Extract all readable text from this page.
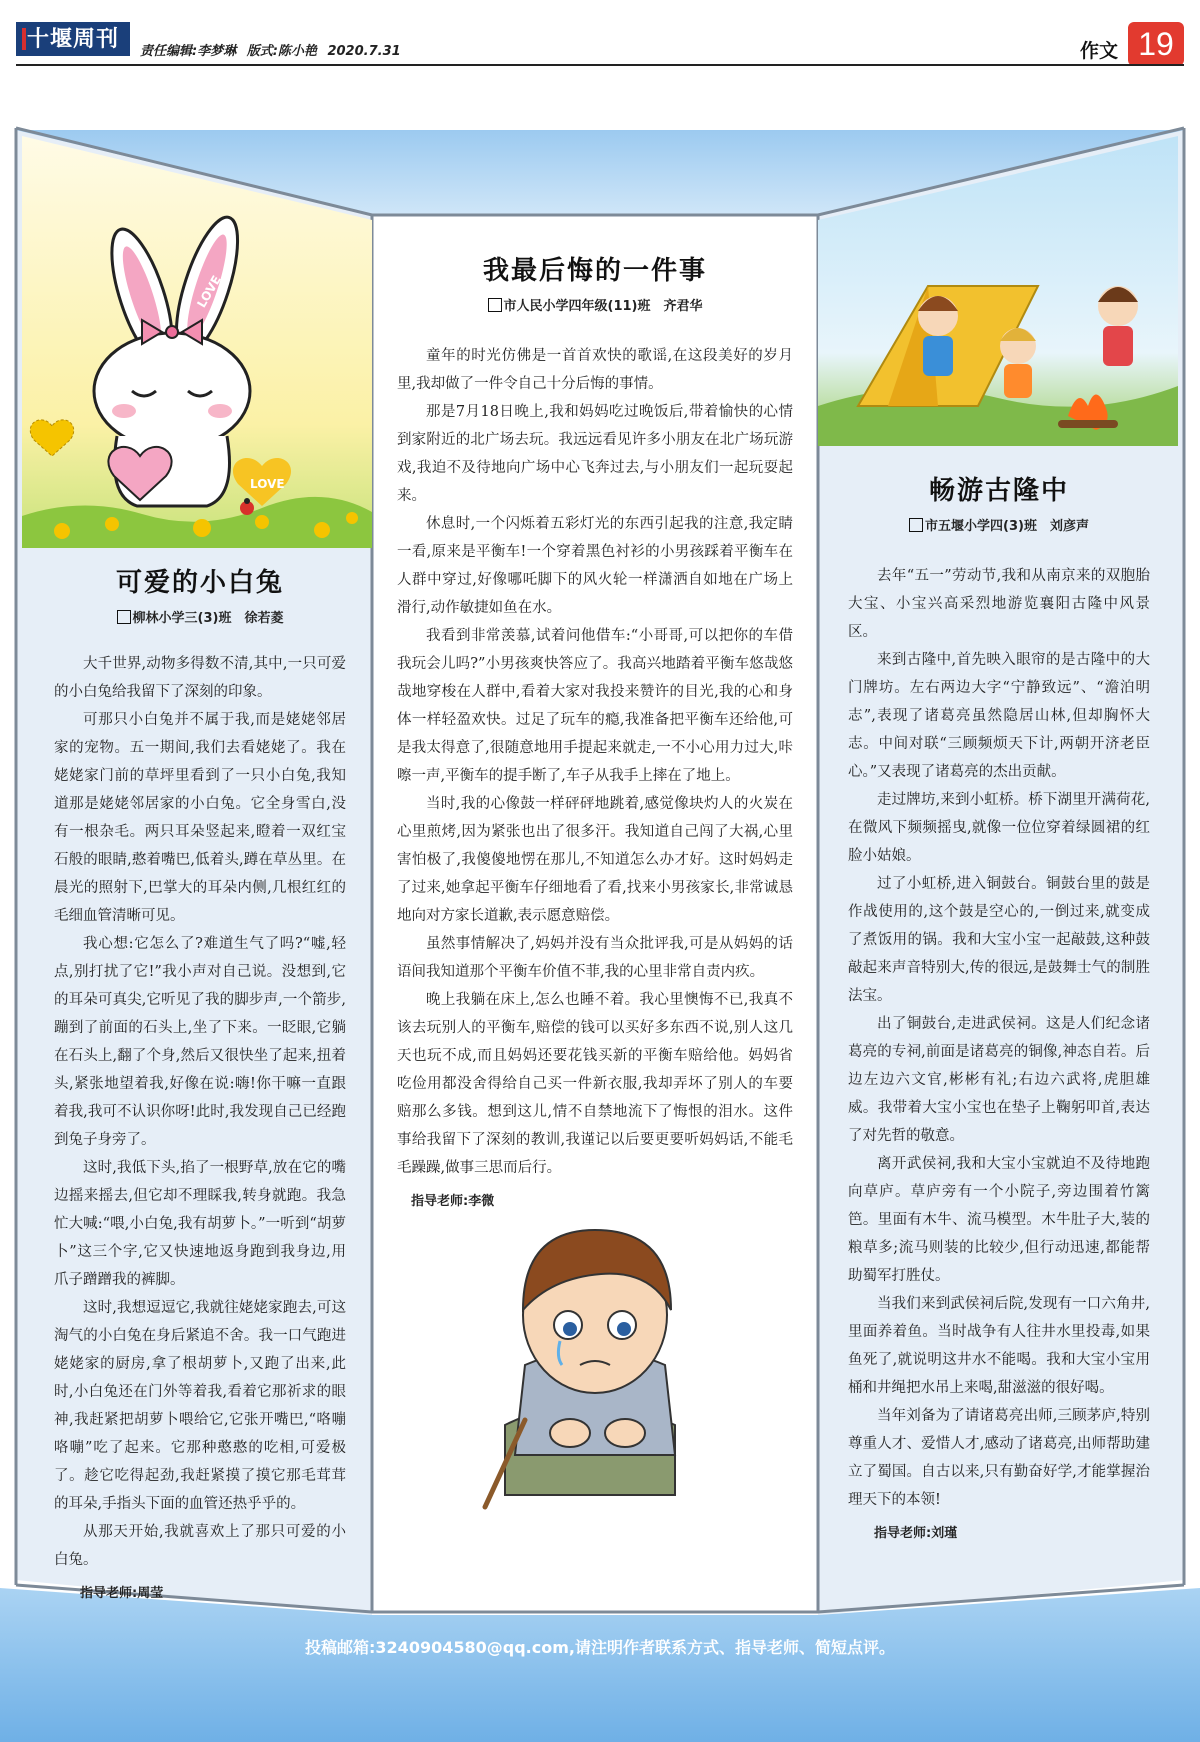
十堰周刊	责任编辑:李梦琳 版式:陈小艳 2020.7.31	作文 19
LOVE
LOVE
可爱的小白兔
柳林小学三(3)班　徐若菱

大千世界,动物多得数不清,其中,一只可爱的小白兔给我留下了深刻的印象。

可那只小白兔并不属于我,而是姥姥邻居家的宠物。五一期间,我们去看姥姥了。我在姥姥家门前的草坪里看到了一只小白兔,我知道那是姥姥邻居家的小白兔。它全身雪白,没有一根杂毛。两只耳朵竖起来,瞪着一双红宝石般的眼睛,憨着嘴巴,低着头,蹲在草丛里。在晨光的照射下,巴掌大的耳朵内侧,几根红红的毛细血管清晰可见。

我心想:它怎么了?难道生气了吗?“嘘,轻点,别打扰了它!”我小声对自己说。没想到,它的耳朵可真尖,它听见了我的脚步声,一个箭步,蹦到了前面的石头上,坐了下来。一眨眼,它躺在石头上,翻了个身,然后又很快坐了起来,扭着头,紧张地望着我,好像在说:嗨!你干嘛一直跟着我,我可不认识你呀!此时,我发现自己已经跑到兔子身旁了。

这时,我低下头,掐了一根野草,放在它的嘴边摇来摇去,但它却不理睬我,转身就跑。我急忙大喊:“喂,小白兔,我有胡萝卜。”一听到“胡萝卜”这三个字,它又快速地返身跑到我身边,用爪子蹭蹭我的裤脚。

这时,我想逗逗它,我就往姥姥家跑去,可这淘气的小白兔在身后紧追不舍。我一口气跑进姥姥家的厨房,拿了根胡萝卜,又跑了出来,此时,小白兔还在门外等着我,看着它那祈求的眼神,我赶紧把胡萝卜喂给它,它张开嘴巴,“咯嘣咯嘣”吃了起来。它那种憨憨的吃相,可爱极了。趁它吃得起劲,我赶紧摸了摸它那毛茸茸的耳朵,手指头下面的血管还热乎乎的。

从那天开始,我就喜欢上了那只可爱的小白兔。

指导老师:周莹
我最后悔的一件事
市人民小学四年级(11)班　齐君华

童年的时光仿佛是一首首欢快的歌谣,在这段美好的岁月里,我却做了一件令自己十分后悔的事情。

那是7月18日晚上,我和妈妈吃过晚饭后,带着愉快的心情到家附近的北广场去玩。我远远看见许多小朋友在北广场玩游戏,我迫不及待地向广场中心飞奔过去,与小朋友们一起玩耍起来。

休息时,一个闪烁着五彩灯光的东西引起我的注意,我定睛一看,原来是平衡车!一个穿着黑色衬衫的小男孩踩着平衡车在人群中穿过,好像哪吒脚下的风火轮一样潇洒自如地在广场上滑行,动作敏捷如鱼在水。

我看到非常羡慕,试着问他借车:“小哥哥,可以把你的车借我玩会儿吗?”小男孩爽快答应了。我高兴地踏着平衡车悠哉悠哉地穿梭在人群中,看着大家对我投来赞许的目光,我的心和身体一样轻盈欢快。过足了玩车的瘾,我准备把平衡车还给他,可是我太得意了,很随意地用手提起来就走,一不小心用力过大,咔嚓一声,平衡车的提手断了,车子从我手上摔在了地上。

当时,我的心像鼓一样砰砰地跳着,感觉像块灼人的火炭在心里煎烤,因为紧张也出了很多汗。我知道自己闯了大祸,心里害怕极了,我傻傻地愣在那儿,不知道怎么办才好。这时妈妈走了过来,她拿起平衡车仔细地看了看,找来小男孩家长,非常诚恳地向对方家长道歉,表示愿意赔偿。

虽然事情解决了,妈妈并没有当众批评我,可是从妈妈的话语间我知道那个平衡车价值不菲,我的心里非常自责内疚。

晚上我躺在床上,怎么也睡不着。我心里懊悔不已,我真不该去玩别人的平衡车,赔偿的钱可以买好多东西不说,别人这几天也玩不成,而且妈妈还要花钱买新的平衡车赔给他。妈妈省吃俭用都没舍得给自己买一件新衣服,我却弄坏了别人的车要赔那么多钱。想到这儿,情不自禁地流下了悔恨的泪水。这件事给我留下了深刻的教训,我谨记以后要更要听妈妈话,不能毛毛躁躁,做事三思而后行。

指导老师:李微
畅游古隆中
市五堰小学四(3)班　刘彦声

去年“五一”劳动节,我和从南京来的双胞胎大宝、小宝兴高采烈地游览襄阳古隆中风景区。

来到古隆中,首先映入眼帘的是古隆中的大门牌坊。左右两边大字“宁静致远”、“澹泊明志”,表现了诸葛亮虽然隐居山林,但却胸怀大志。中间对联“三顾频烦天下计,两朝开济老臣心。”又表现了诸葛亮的杰出贡献。

走过牌坊,来到小虹桥。桥下湖里开满荷花,在微风下频频摇曳,就像一位位穿着绿圆裙的红脸小姑娘。

过了小虹桥,进入铜鼓台。铜鼓台里的鼓是作战使用的,这个鼓是空心的,一倒过来,就变成了煮饭用的锅。我和大宝小宝一起敲鼓,这种鼓敲起来声音特别大,传的很远,是鼓舞士气的制胜法宝。

出了铜鼓台,走进武侯祠。这是人们纪念诸葛亮的专祠,前面是诸葛亮的铜像,神态自若。后边左边六文官,彬彬有礼;右边六武将,虎胆雄威。我带着大宝小宝也在垫子上鞠躬叩首,表达了对先哲的敬意。

离开武侯祠,我和大宝小宝就迫不及待地跑向草庐。草庐旁有一个小院子,旁边围着竹篱笆。里面有木牛、流马模型。木牛肚子大,装的粮草多;流马则装的比较少,但行动迅速,都能帮助蜀军打胜仗。

当我们来到武侯祠后院,发现有一口六角井,里面养着鱼。当时战争有人往井水里投毒,如果鱼死了,就说明这井水不能喝。我和大宝小宝用桶和井绳把水吊上来喝,甜滋滋的很好喝。

当年刘备为了请诸葛亮出师,三顾茅庐,特别尊重人才、爱惜人才,感动了诸葛亮,出师帮助建立了蜀国。自古以来,只有勤奋好学,才能掌握治理天下的本领!

指导老师:刘瑾
投稿邮箱:3240904580@qq.com,请注明作者联系方式、指导老师、简短点评。
